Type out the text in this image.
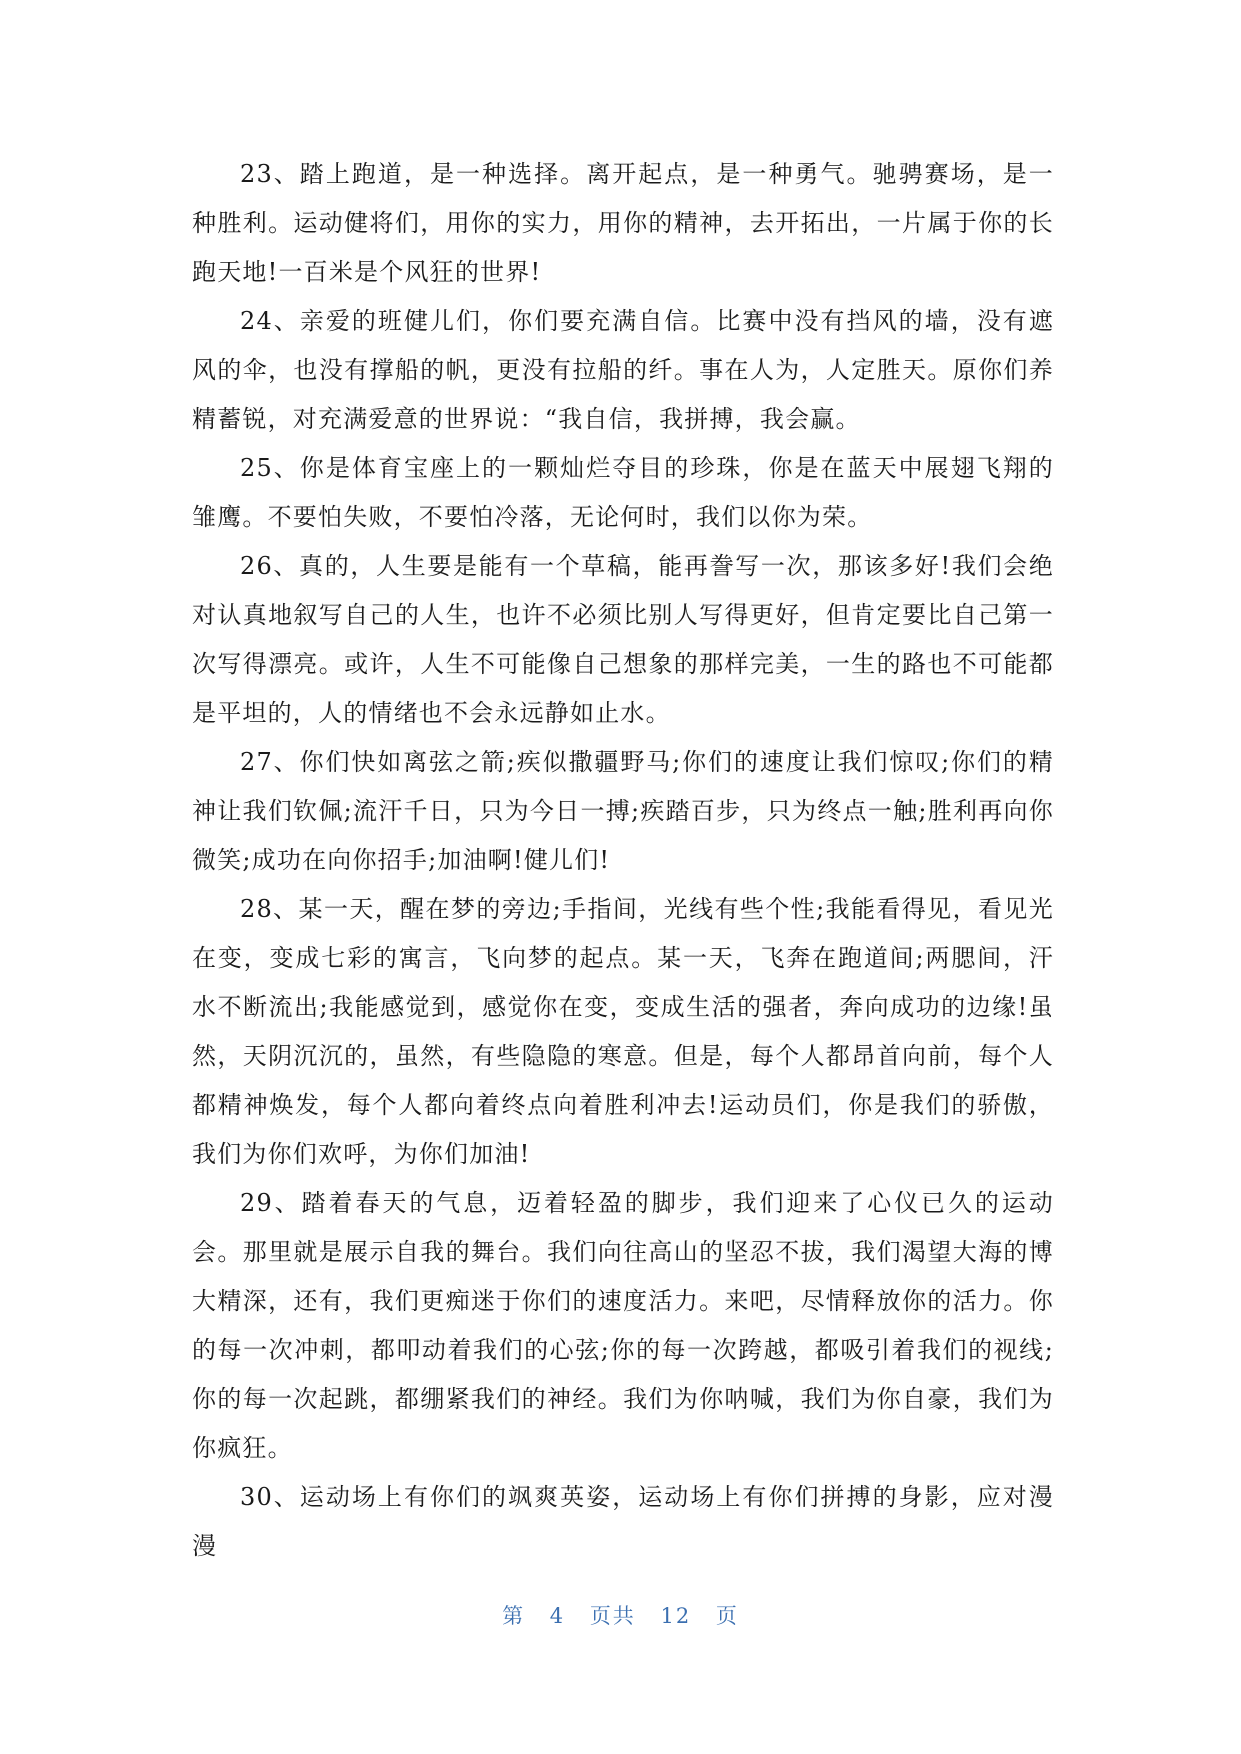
23、踏上跑道，是一种选择。离开起点，是一种勇气。驰骋赛场，是一种胜利。运动健将们，用你的实力，用你的精神，去开拓出，一片属于你的长跑天地!一百米是个风狂的世界!

24、亲爱的班健儿们，你们要充满自信。比赛中没有挡风的墙，没有遮风的伞，也没有撑船的帆，更没有拉船的纤。事在人为，人定胜天。原你们养精蓄锐，对充满爱意的世界说：“我自信，我拼搏，我会赢。

25、你是体育宝座上的一颗灿烂夺目的珍珠，你是在蓝天中展翅飞翔的雏鹰。不要怕失败，不要怕冷落，无论何时，我们以你为荣。

26、真的，人生要是能有一个草稿，能再誊写一次，那该多好!我们会绝对认真地叙写自己的人生，也许不必须比别人写得更好，但肯定要比自己第一次写得漂亮。或许，人生不可能像自己想象的那样完美，一生的路也不可能都是平坦的，人的情绪也不会永远静如止水。

27、你们快如离弦之箭;疾似撒疆野马;你们的速度让我们惊叹;你们的精神让我们钦佩;流汗千日，只为今日一搏;疾踏百步，只为终点一触;胜利再向你微笑;成功在向你招手;加油啊!健儿们!

28、某一天，醒在梦的旁边;手指间，光线有些个性;我能看得见，看见光在变，变成七彩的寓言，飞向梦的起点。某一天，飞奔在跑道间;两腮间，汗水不断流出;我能感觉到，感觉你在变，变成生活的强者，奔向成功的边缘!虽然，天阴沉沉的，虽然，有些隐隐的寒意。但是，每个人都昂首向前，每个人都精神焕发，每个人都向着终点向着胜利冲去!运动员们，你是我们的骄傲，我们为你们欢呼，为你们加油!

29、踏着春天的气息，迈着轻盈的脚步，我们迎来了心仪已久的运动会。那里就是展示自我的舞台。我们向往高山的坚忍不拔，我们渴望大海的博大精深，还有，我们更痴迷于你们的速度活力。来吧，尽情释放你的活力。你的每一次冲刺，都叩动着我们的心弦;你的每一次跨越，都吸引着我们的视线;你的每一次起跳，都绷紧我们的神经。我们为你呐喊，我们为你自豪，我们为你疯狂。

30、运动场上有你们的飒爽英姿，运动场上有你们拼搏的身影，应对漫漫

第 4 页共 12 页
